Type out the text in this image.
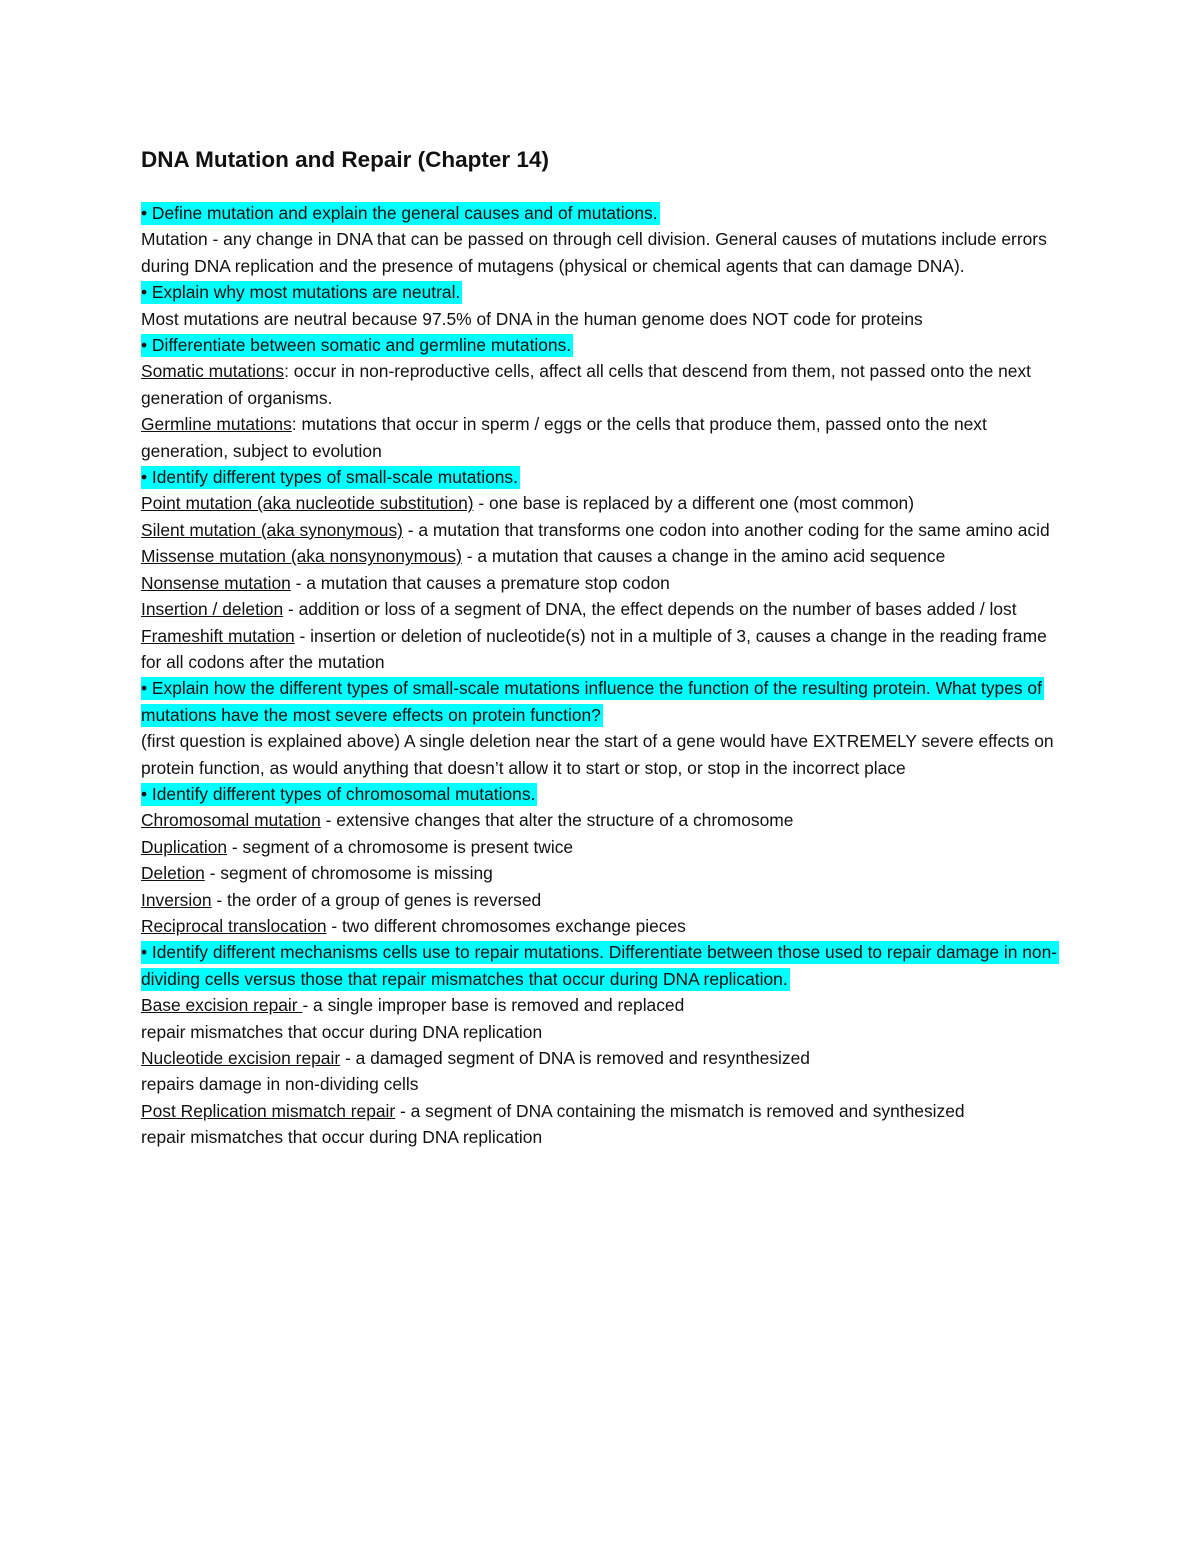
DNA Mutation and Repair (Chapter 14)
• Define mutation and explain the general causes and of mutations.
Mutation - any change in DNA that can be passed on through cell division. General causes of mutations include errors during DNA replication and the presence of mutagens (physical or chemical agents that can damage DNA).
• Explain why most mutations are neutral.
Most mutations are neutral because 97.5% of DNA in the human genome does NOT code for proteins
• Differentiate between somatic and germline mutations.
Somatic mutations: occur in non-reproductive cells, affect all cells that descend from them, not passed onto the next generation of organisms.
Germline mutations: mutations that occur in sperm / eggs or the cells that produce them, passed onto the next generation, subject to evolution
• Identify different types of small-scale mutations.
Point mutation (aka nucleotide substitution) - one base is replaced by a different one (most common)
Silent mutation (aka synonymous) - a mutation that transforms one codon into another coding for the same amino acid
Missense mutation (aka nonsynonymous) - a mutation that causes a change in the amino acid sequence
Nonsense mutation - a mutation that causes a premature stop codon
Insertion / deletion - addition or loss of a segment of DNA, the effect depends on the number of bases added / lost
Frameshift mutation - insertion or deletion of nucleotide(s) not in a multiple of 3, causes a change in the reading frame for all codons after the mutation
• Explain how the different types of small-scale mutations influence the function of the resulting protein. What types of mutations have the most severe effects on protein function?
(first question is explained above) A single deletion near the start of a gene would have EXTREMELY severe effects on protein function, as would anything that doesn’t allow it to start or stop, or stop in the incorrect place
• Identify different types of chromosomal mutations.
Chromosomal mutation - extensive changes that alter the structure of a chromosome
Duplication - segment of a chromosome is present twice
Deletion - segment of chromosome is missing
Inversion - the order of a group of genes is reversed
Reciprocal translocation - two different chromosomes exchange pieces
• Identify different mechanisms cells use to repair mutations. Differentiate between those used to repair damage in non-dividing cells versus those that repair mismatches that occur during DNA replication.
Base excision repair - a single improper base is removed and replaced
repair mismatches that occur during DNA replication
Nucleotide excision repair - a damaged segment of DNA is removed and resynthesized
repairs damage in non-dividing cells
Post Replication mismatch repair - a segment of DNA containing the mismatch is removed and synthesized
repair mismatches that occur during DNA replication
